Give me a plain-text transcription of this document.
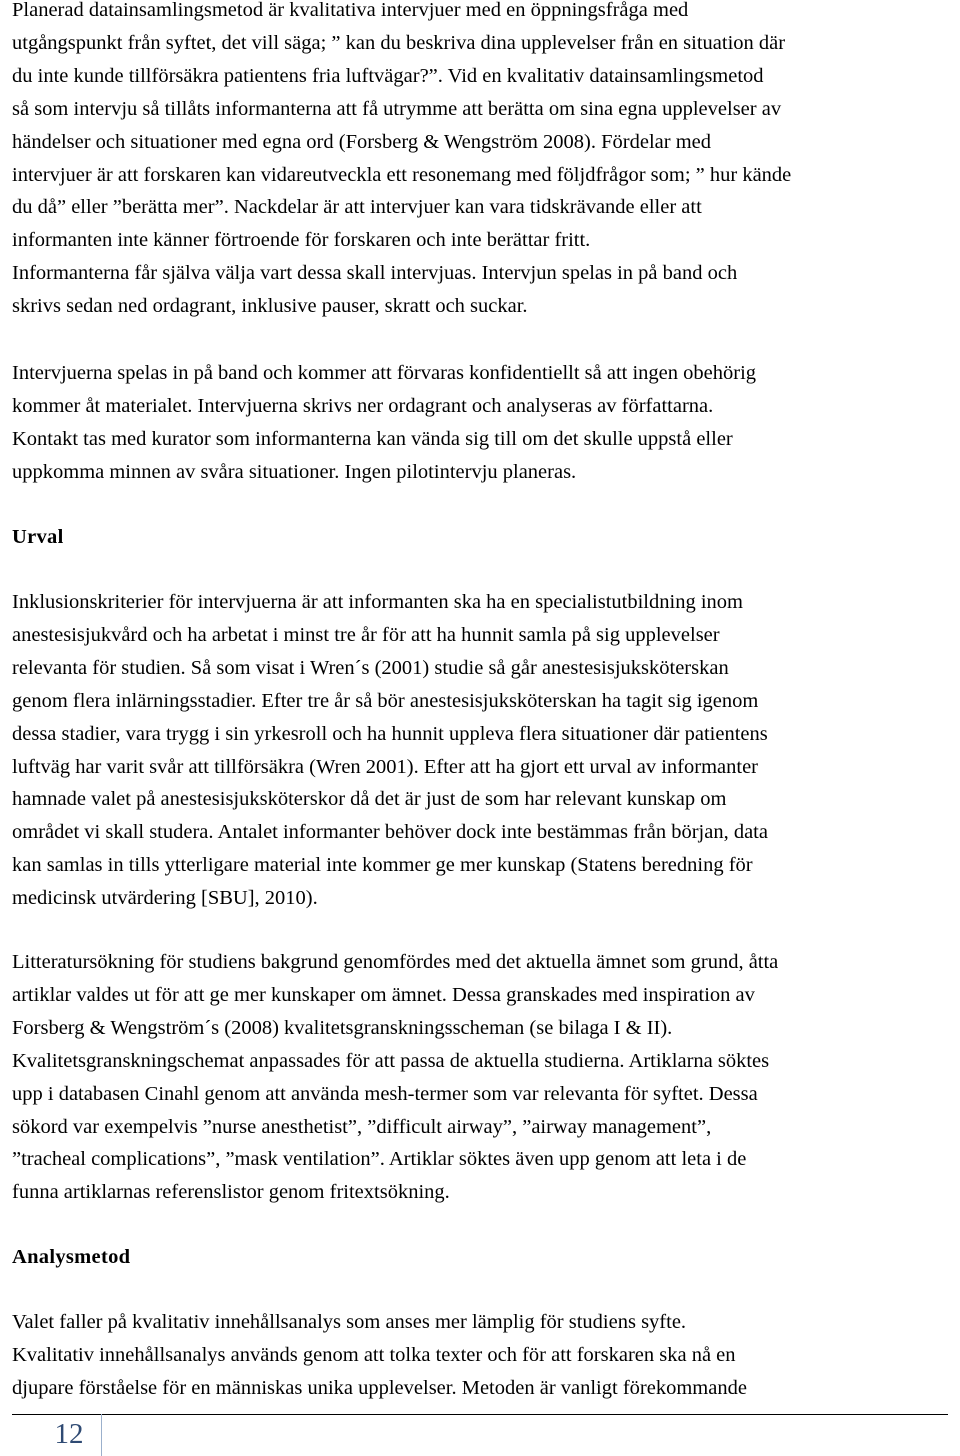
Planerad datainsamlingsmetod är kvalitativa intervjuer med en öppningsfråga med
utgångspunkt från syftet, det vill säga; ” kan du beskriva dina upplevelser från en situation där
du inte kunde tillförsäkra patientens fria luftvägar?”. Vid en kvalitativ datainsamlingsmetod
så som intervju så tillåts informanterna att få utrymme att berätta om sina egna upplevelser av
händelser och situationer med egna ord (Forsberg & Wengström 2008). Fördelar med
intervjuer är att forskaren kan vidareutveckla ett resonemang med följdfrågor som; ” hur kände
du då” eller ”berätta mer”. Nackdelar är att intervjuer kan vara tidskrävande eller att
informanten inte känner förtroende för forskaren och inte berättar fritt.
Informanterna får själva välja vart dessa skall intervjuas. Intervjun spelas in på band och
skrivs sedan ned ordagrant, inklusive pauser, skratt och suckar.

Intervjuerna spelas in på band och kommer att förvaras konfidentiellt så att ingen obehörig
kommer åt materialet. Intervjuerna skrivs ner ordagrant och analyseras av författarna.
Kontakt tas med kurator som informanterna kan vända sig till om det skulle uppstå eller
uppkomma minnen av svåra situationer. Ingen pilotintervju planeras.

Urval

Inklusionskriterier för intervjuerna är att informanten ska ha en specialistutbildning inom
anestesisjukvård och ha arbetat i minst tre år för att ha hunnit samla på sig upplevelser
relevanta för studien. Så som visat i Wren´s (2001) studie så går anestesisjuksköterskan
genom flera inlärningsstadier. Efter tre år så bör anestesisjuksköterskan ha tagit sig igenom
dessa stadier, vara trygg i sin yrkesroll och ha hunnit uppleva flera situationer där patientens
luftväg har varit svår att tillförsäkra (Wren 2001). Efter att ha gjort ett urval av informanter
hamnade valet på anestesisjuksköterskor då det är just de som har relevant kunskap om
området vi skall studera. Antalet informanter behöver dock inte bestämmas från början, data
kan samlas in tills ytterligare material inte kommer ge mer kunskap (Statens beredning för
medicinsk utvärdering [SBU], 2010).

Litteratursökning för studiens bakgrund genomfördes med det aktuella ämnet som grund, åtta
artiklar valdes ut för att ge mer kunskaper om ämnet. Dessa granskades med inspiration av
Forsberg & Wengström´s (2008) kvalitetsgranskningsscheman (se bilaga I & II).
Kvalitetsgranskningschemat anpassades för att passa de aktuella studierna. Artiklarna söktes
upp i databasen Cinahl genom att använda mesh-termer som var relevanta för syftet. Dessa
sökord var exempelvis ”nurse anesthetist”, ”difficult airway”, ”airway management”,
”tracheal complications”, ”mask ventilation”. Artiklar söktes även upp genom att leta i de
funna artiklarnas referenslistor genom fritextsökning.

Analysmetod

Valet faller på kvalitativ innehållsanalys som anses mer lämplig för studiens syfte.
Kvalitativ innehållsanalys används genom att tolka texter och för att forskaren ska nå en
djupare förståelse för en människas unika upplevelser. Metoden är vanligt förekommande

12
